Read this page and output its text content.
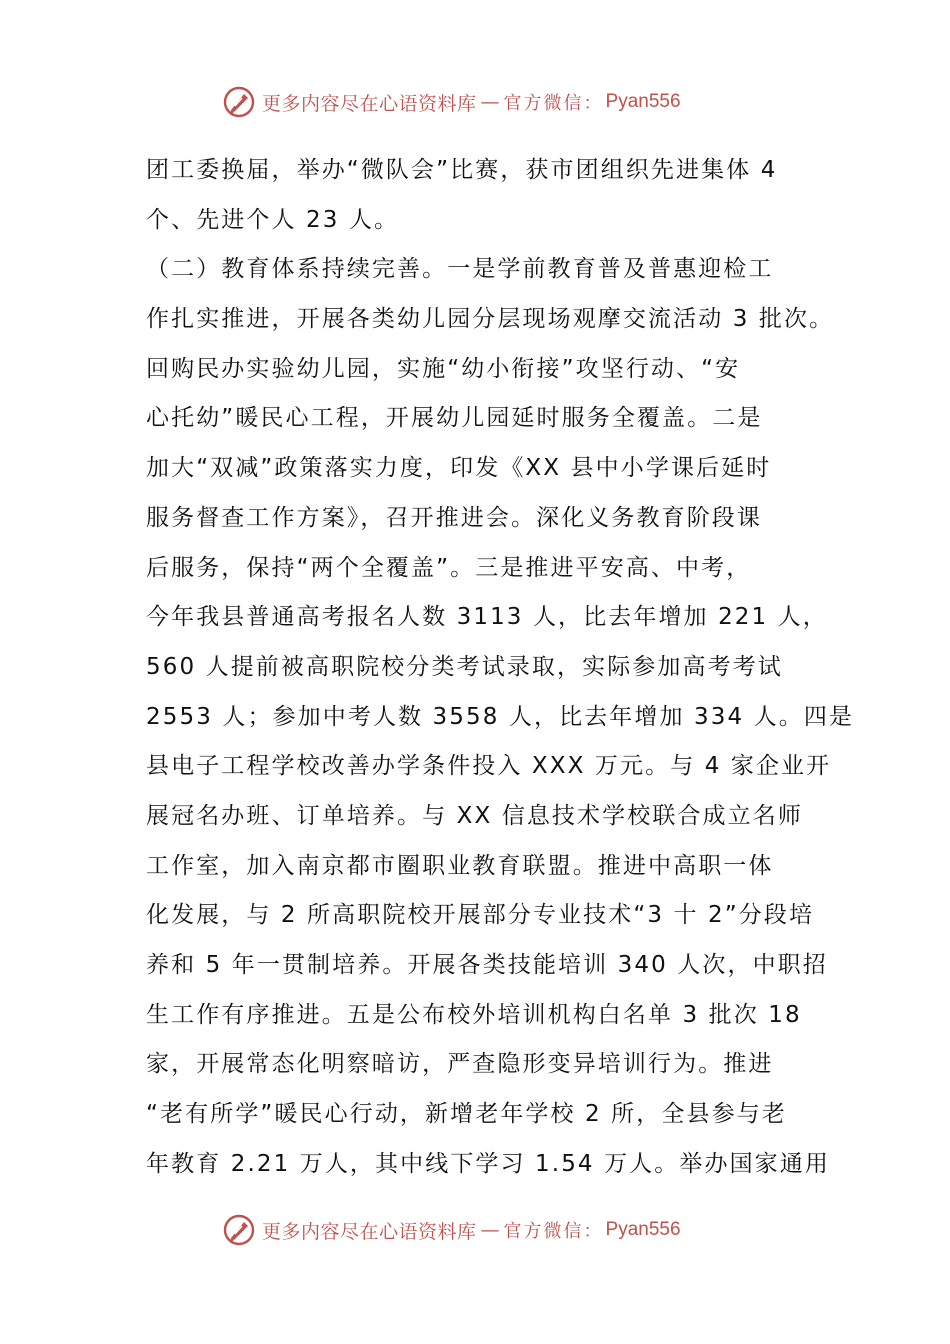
更多内容尽在心语资料库 — 官方微信： Pyan556
团工委换届，举办“微队会”比赛，获市团组织先进集体 4
个、先进个人 23 人。
（二）教育体系持续完善。一是学前教育普及普惠迎检工
作扎实推进，开展各类幼儿园分层现场观摩交流活动 3 批次。
回购民办实验幼儿园，实施“幼小衔接”攻坚行动、“安
心托幼”暖民心工程，开展幼儿园延时服务全覆盖。二是
加大“双减”政策落实力度，印发《XX 县中小学课后延时
服务督查工作方案》，召开推进会。深化义务教育阶段课
后服务，保持“两个全覆盖”。三是推进平安高、中考，
今年我县普通高考报名人数 3113 人，比去年增加 221 人，
560 人提前被高职院校分类考试录取，实际参加高考考试
2553 人；参加中考人数 3558 人，比去年增加 334 人。四是
县电子工程学校改善办学条件投入 XXX 万元。与 4 家企业开
展冠名办班、订单培养。与 XX 信息技术学校联合成立名师
工作室，加入南京都市圈职业教育联盟。推进中高职一体
化发展，与 2 所高职院校开展部分专业技术“3 十 2”分段培
养和 5 年一贯制培养。开展各类技能培训 340 人次，中职招
生工作有序推进。五是公布校外培训机构白名单 3 批次 18
家，开展常态化明察暗访，严查隐形变异培训行为。推进
“老有所学”暖民心行动，新增老年学校 2 所，全县参与老
年教育 2.21 万人，其中线下学习 1.54 万人。举办国家通用
更多内容尽在心语资料库 — 官方微信： Pyan556
